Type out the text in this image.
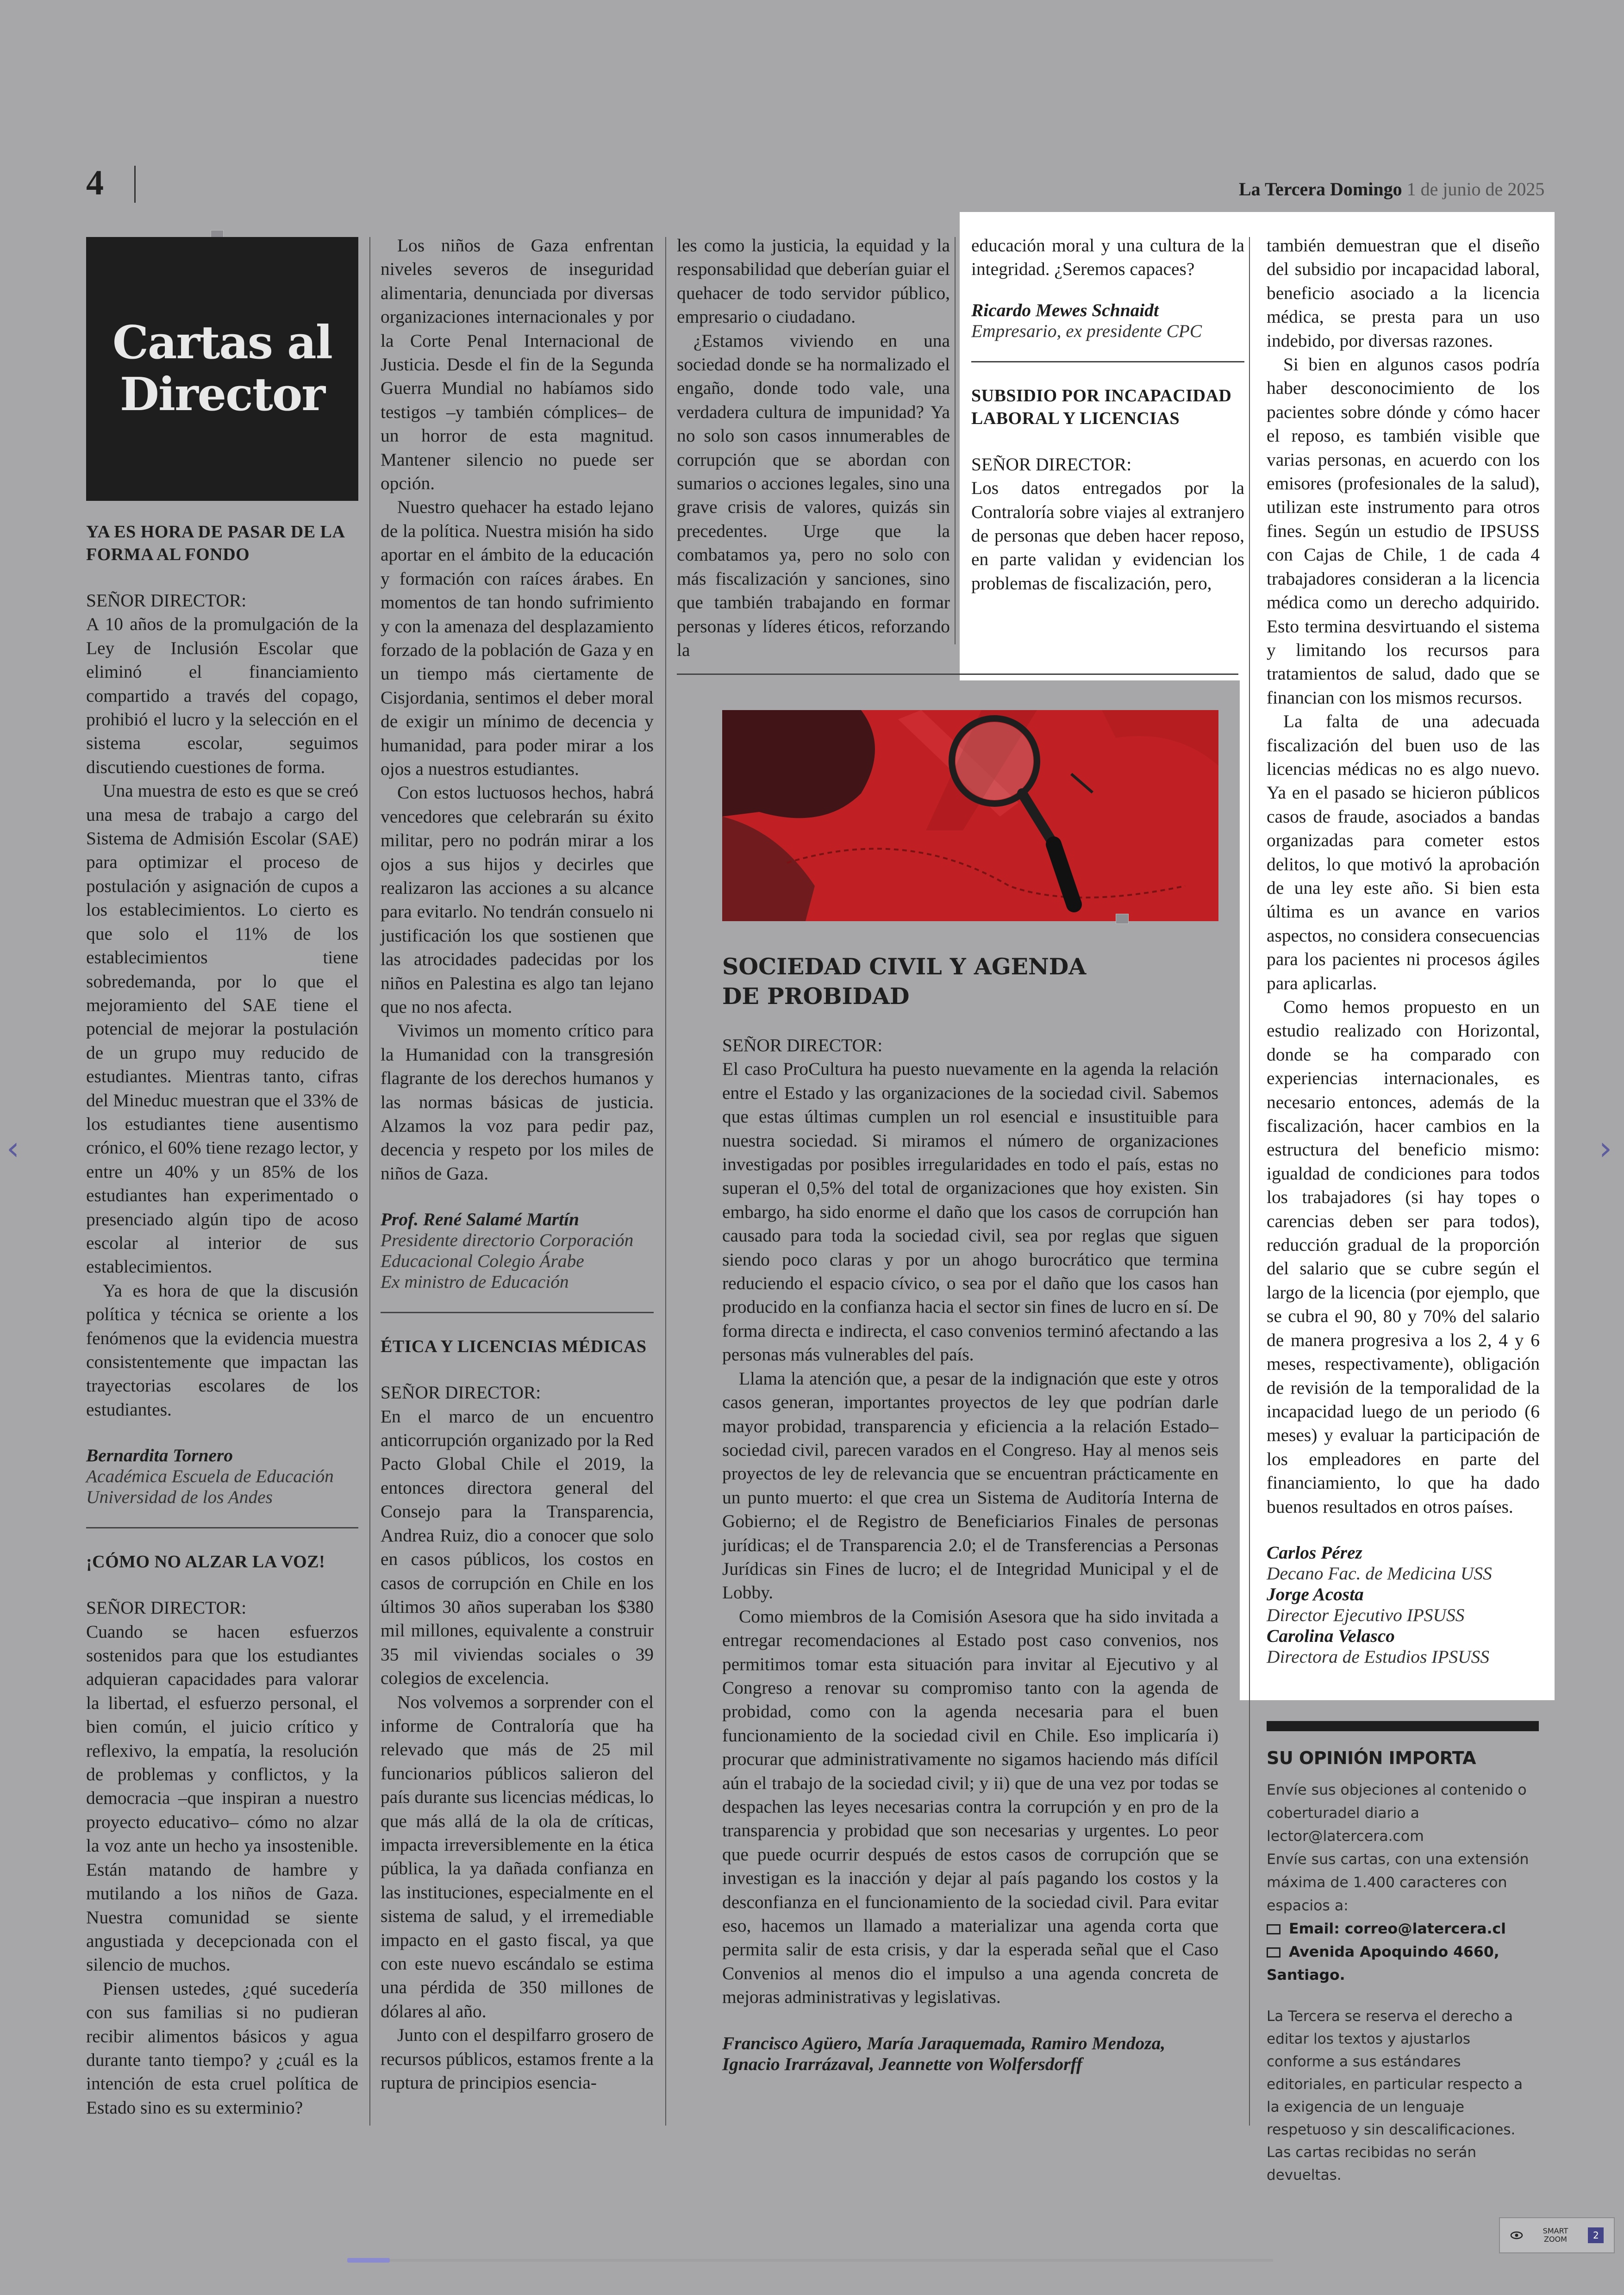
4	La Tercera Domingo 1 de junio de 2025
Cartas al Director
YA ES HORA DE PASAR DE LA FORMA AL FONDO

SEÑOR DIRECTOR:

A 10 años de la promulgación de la Ley de Inclusión Escolar que eliminó el financiamiento compartido a través del copago, prohibió el lucro y la selección en el sistema escolar, seguimos discutiendo cuestiones de forma.

Una muestra de esto es que se creó una mesa de trabajo a cargo del Sistema de Admisión Escolar (SAE) para optimizar el proceso de postulación y asignación de cupos a los establecimientos. Lo cierto es que solo el 11% de los establecimientos tiene sobredemanda, por lo que el mejoramiento del SAE tiene el potencial de mejorar la postulación de un grupo muy reducido de estudiantes. Mientras tanto, cifras del Mineduc muestran que el 33% de los estudiantes tiene ausentismo crónico, el 60% tiene rezago lector, y entre un 40% y un 85% de los estudiantes han experimentado o presenciado algún tipo de acoso escolar al interior de sus establecimientos.

Ya es hora de que la discusión política y técnica se oriente a los fenómenos que la evidencia muestra consistentemente que impactan las trayectorias escolares de los estudiantes.

Bernardita Tornero
Académica Escuela de Educación
Universidad de los Andes
¡CÓMO NO ALZAR LA VOZ!

SEÑOR DIRECTOR:

Cuando se hacen esfuerzos sostenidos para que los estudiantes adquieran capacidades para valorar la libertad, el esfuerzo personal, el bien común, el juicio crítico y reflexivo, la empatía, la resolución de problemas y conflictos, y la democracia –que inspiran a nuestro proyecto educativo– cómo no alzar la voz ante un hecho ya insostenible. Están matando de hambre y mutilando a los niños de Gaza. Nuestra comunidad se siente angustiada y decepcionada con el silencio de muchos.

Piensen ustedes, ¿qué sucedería con sus familias si no pudieran recibir alimentos básicos y agua durante tanto tiempo? y ¿cuál es la intención de esta cruel política de Estado sino es su exterminio?

Los niños de Gaza enfrentan niveles severos de inseguridad alimentaria, denunciada por diversas organizaciones internacionales y por la Corte Penal Internacional de Justicia. Desde el fin de la Segunda Guerra Mundial no habíamos sido testigos –y también cómplices– de un horror de esta magnitud. Mantener silencio no puede ser opción.

Nuestro quehacer ha estado lejano de la política. Nuestra misión ha sido aportar en el ámbito de la educación y formación con raíces árabes. En momentos de tan hondo sufrimiento y con la amenaza del desplazamiento forzado de la población de Gaza y en un tiempo más ciertamente de Cisjordania, sentimos el deber moral de exigir un mínimo de decencia y humanidad, para poder mirar a los ojos a nuestros estudiantes.

Con estos luctuosos hechos, habrá vencedores que celebrarán su éxito militar, pero no podrán mirar a los ojos a sus hijos y decirles que realizaron las acciones a su alcance para evitarlo. No tendrán consuelo ni justificación los que sostienen que las atrocidades padecidas por los niños en Palestina es algo tan lejano que no nos afecta.

Vivimos un momento crítico para la Humanidad con la transgresión flagrante de los derechos humanos y las normas básicas de justicia. Alzamos la voz para pedir paz, decencia y respeto por los miles de niños de Gaza.

Prof. René Salamé Martín
Presidente directorio Corporación Educacional Colegio Árabe
Ex ministro de Educación
ÉTICA Y LICENCIAS MÉDICAS

SEÑOR DIRECTOR:

En el marco de un encuentro anticorrupción organizado por la Red Pacto Global Chile el 2019, la entonces directora general del Consejo para la Transparencia, Andrea Ruiz, dio a conocer que solo en casos públicos, los costos en casos de corrupción en Chile en los últimos 30 años superaban los $380 mil millones, equivalente a construir 35 mil viviendas sociales o 39 colegios de excelencia.

Nos volvemos a sorprender con el informe de Contraloría que ha relevado que más de 25 mil funcionarios públicos salieron del país durante sus licencias médicas, lo que más allá de la ola de críticas, impacta irreversiblemente en la ética pública, la ya dañada confianza en las instituciones, especialmente en el sistema de salud, y el irremediable impacto en el gasto fiscal, ya que con este nuevo escándalo se estima una pérdida de 350 millones de dólares al año.

Junto con el despilfarro grosero de recursos públicos, estamos frente a la ruptura de principios esencia-

les como la justicia, la equidad y la responsabilidad que deberían guiar el quehacer de todo servidor público, empresario o ciudadano.

¿Estamos viviendo en una sociedad donde se ha normalizado el engaño, donde todo vale, una verdadera cultura de impunidad? Ya no solo son casos innumerables de corrupción que se abordan con sumarios o acciones legales, sino una grave crisis de valores, quizás sin precedentes. Urge que la combatamos ya, pero no solo con más fiscalización y sanciones, sino que también trabajando en formar personas y líderes éticos, reforzando la

educación moral y una cultura de la integridad. ¿Seremos capaces?

Ricardo Mewes Schnaidt
Empresario, ex presidente CPC
SUBSIDIO POR INCAPACIDAD LABORAL Y LICENCIAS

SEÑOR DIRECTOR:

Los datos entregados por la Contraloría sobre viajes al extranjero de personas que deben hacer reposo, en parte validan y evidencian los problemas de fiscalización, pero,

también demuestran que el diseño del subsidio por incapacidad laboral, beneficio asociado a la licencia médica, se presta para un uso indebido, por diversas razones.

Si bien en algunos casos podría haber desconocimiento de los pacientes sobre dónde y cómo hacer el reposo, es también visible que varias personas, en acuerdo con los emisores (profesionales de la salud), utilizan este instrumento para otros fines. Según un estudio de IPSUSS con Cajas de Chile, 1 de cada 4 trabajadores consideran a la licencia médica como un derecho adquirido. Esto termina desvirtuando el sistema y limitando los recursos para tratamientos de salud, dado que se financian con los mismos recursos.

La falta de una adecuada fiscalización del buen uso de las licencias médicas no es algo nuevo. Ya en el pasado se hicieron públicos casos de fraude, asociados a bandas organizadas para cometer estos delitos, lo que motivó la aprobación de una ley este año. Si bien esta última es un avance en varios aspectos, no considera consecuencias para los pacientes ni procesos ágiles para aplicarlas.

Como hemos propuesto en un estudio realizado con Horizontal, donde se ha comparado con experiencias internacionales, es necesario entonces, además de la fiscalización, hacer cambios en la estructura del beneficio mismo: igualdad de condiciones para todos los trabajadores (si hay topes o carencias deben ser para todos), reducción gradual de la proporción del salario que se cubre según el largo de la licencia (por ejemplo, que se cubra el 90, 80 y 70% del salario de manera progresiva a los 2, 4 y 6 meses, respectivamente), obligación de revisión de la temporalidad de la incapacidad luego de un periodo (6 meses) y evaluar la participación de los empleadores en parte del financiamiento, lo que ha dado buenos resultados en otros países.

Carlos Pérez
Decano Fac. de Medicina USS
Jorge Acosta
Director Ejecutivo IPSUSS
Carolina Velasco
Directora de Estudios IPSUSS
SOCIEDAD CIVIL Y AGENDA
DE PROBIDAD

SEÑOR DIRECTOR:

El caso ProCultura ha puesto nuevamente en la agenda la relación entre el Estado y las organizaciones de la sociedad civil. Sabemos que estas últimas cumplen un rol esencial e insustituible para nuestra sociedad. Si miramos el número de organizaciones investigadas por posibles irregularidades en todo el país, estas no superan el 0,5% del total de organizaciones que hoy existen. Sin embargo, ha sido enorme el daño que los casos de corrupción han causado para toda la sociedad civil, sea por reglas que siguen siendo poco claras y por un ahogo burocrático que termina reduciendo el espacio cívico, o sea por el daño que los casos han producido en la confianza hacia el sector sin fines de lucro en sí. De forma directa e indirecta, el caso convenios terminó afectando a las personas más vulnerables del país.

Llama la atención que, a pesar de la indignación que este y otros casos generan, importantes proyectos de ley que podrían darle mayor probidad, transparencia y eficiencia a la relación Estado–sociedad civil, parecen varados en el Congreso. Hay al menos seis proyectos de ley de relevancia que se encuentran prácticamente en un punto muerto: el que crea un Sistema de Auditoría Interna de Gobierno; el de Registro de Beneficiarios Finales de personas jurídicas; el de Transparencia 2.0; el de Transferencias a Personas Jurídicas sin Fines de lucro; el de Integridad Municipal y el de Lobby.

Como miembros de la Comisión Asesora que ha sido invitada a entregar recomendaciones al Estado post caso convenios, nos permitimos tomar esta situación para invitar al Ejecutivo y al Congreso a renovar su compromiso tanto con la agenda de probidad, como con la agenda necesaria para el buen funcionamiento de la sociedad civil en Chile. Eso implicaría i) procurar que administrativamente no sigamos haciendo más difícil aún el trabajo de la sociedad civil; y ii) que de una vez por todas se despachen las leyes necesarias contra la corrupción y en pro de la transparencia y probidad que son necesarias y urgentes. Lo peor que puede ocurrir después de estos casos de corrupción que se investigan es la inacción y dejar al país pagando los costos y la desconfianza en el funcionamiento de la sociedad civil. Para evitar eso, hacemos un llamado a materializar una agenda corta que permita salir de esta crisis, y dar la esperada señal que el Caso Convenios al menos dio el impulso a una agenda concreta de mejoras administrativas y legislativas.

Francisco Agüero, María Jaraquemada, Ramiro Mendoza, Ignacio Irarrázaval, Jeannette von Wolfersdorff
SU OPINIÓN IMPORTA
Envíe sus objeciones al contenido o coberturadel diario a
lector@latercera.com
Envíe sus cartas, con una extensión máxima de 1.400 caracteres con espacios a:
Email: correo@latercera.cl
Avenida Apoquindo 4660, Santiago.
La Tercera se reserva el derecho a editar los textos y ajustarlos conforme a sus estándares editoriales, en particular respecto a la exigencia de un lenguaje respetuoso y sin descalificaciones. Las cartas recibidas no serán devueltas.
‹	›
SMART
ZOOM	2
